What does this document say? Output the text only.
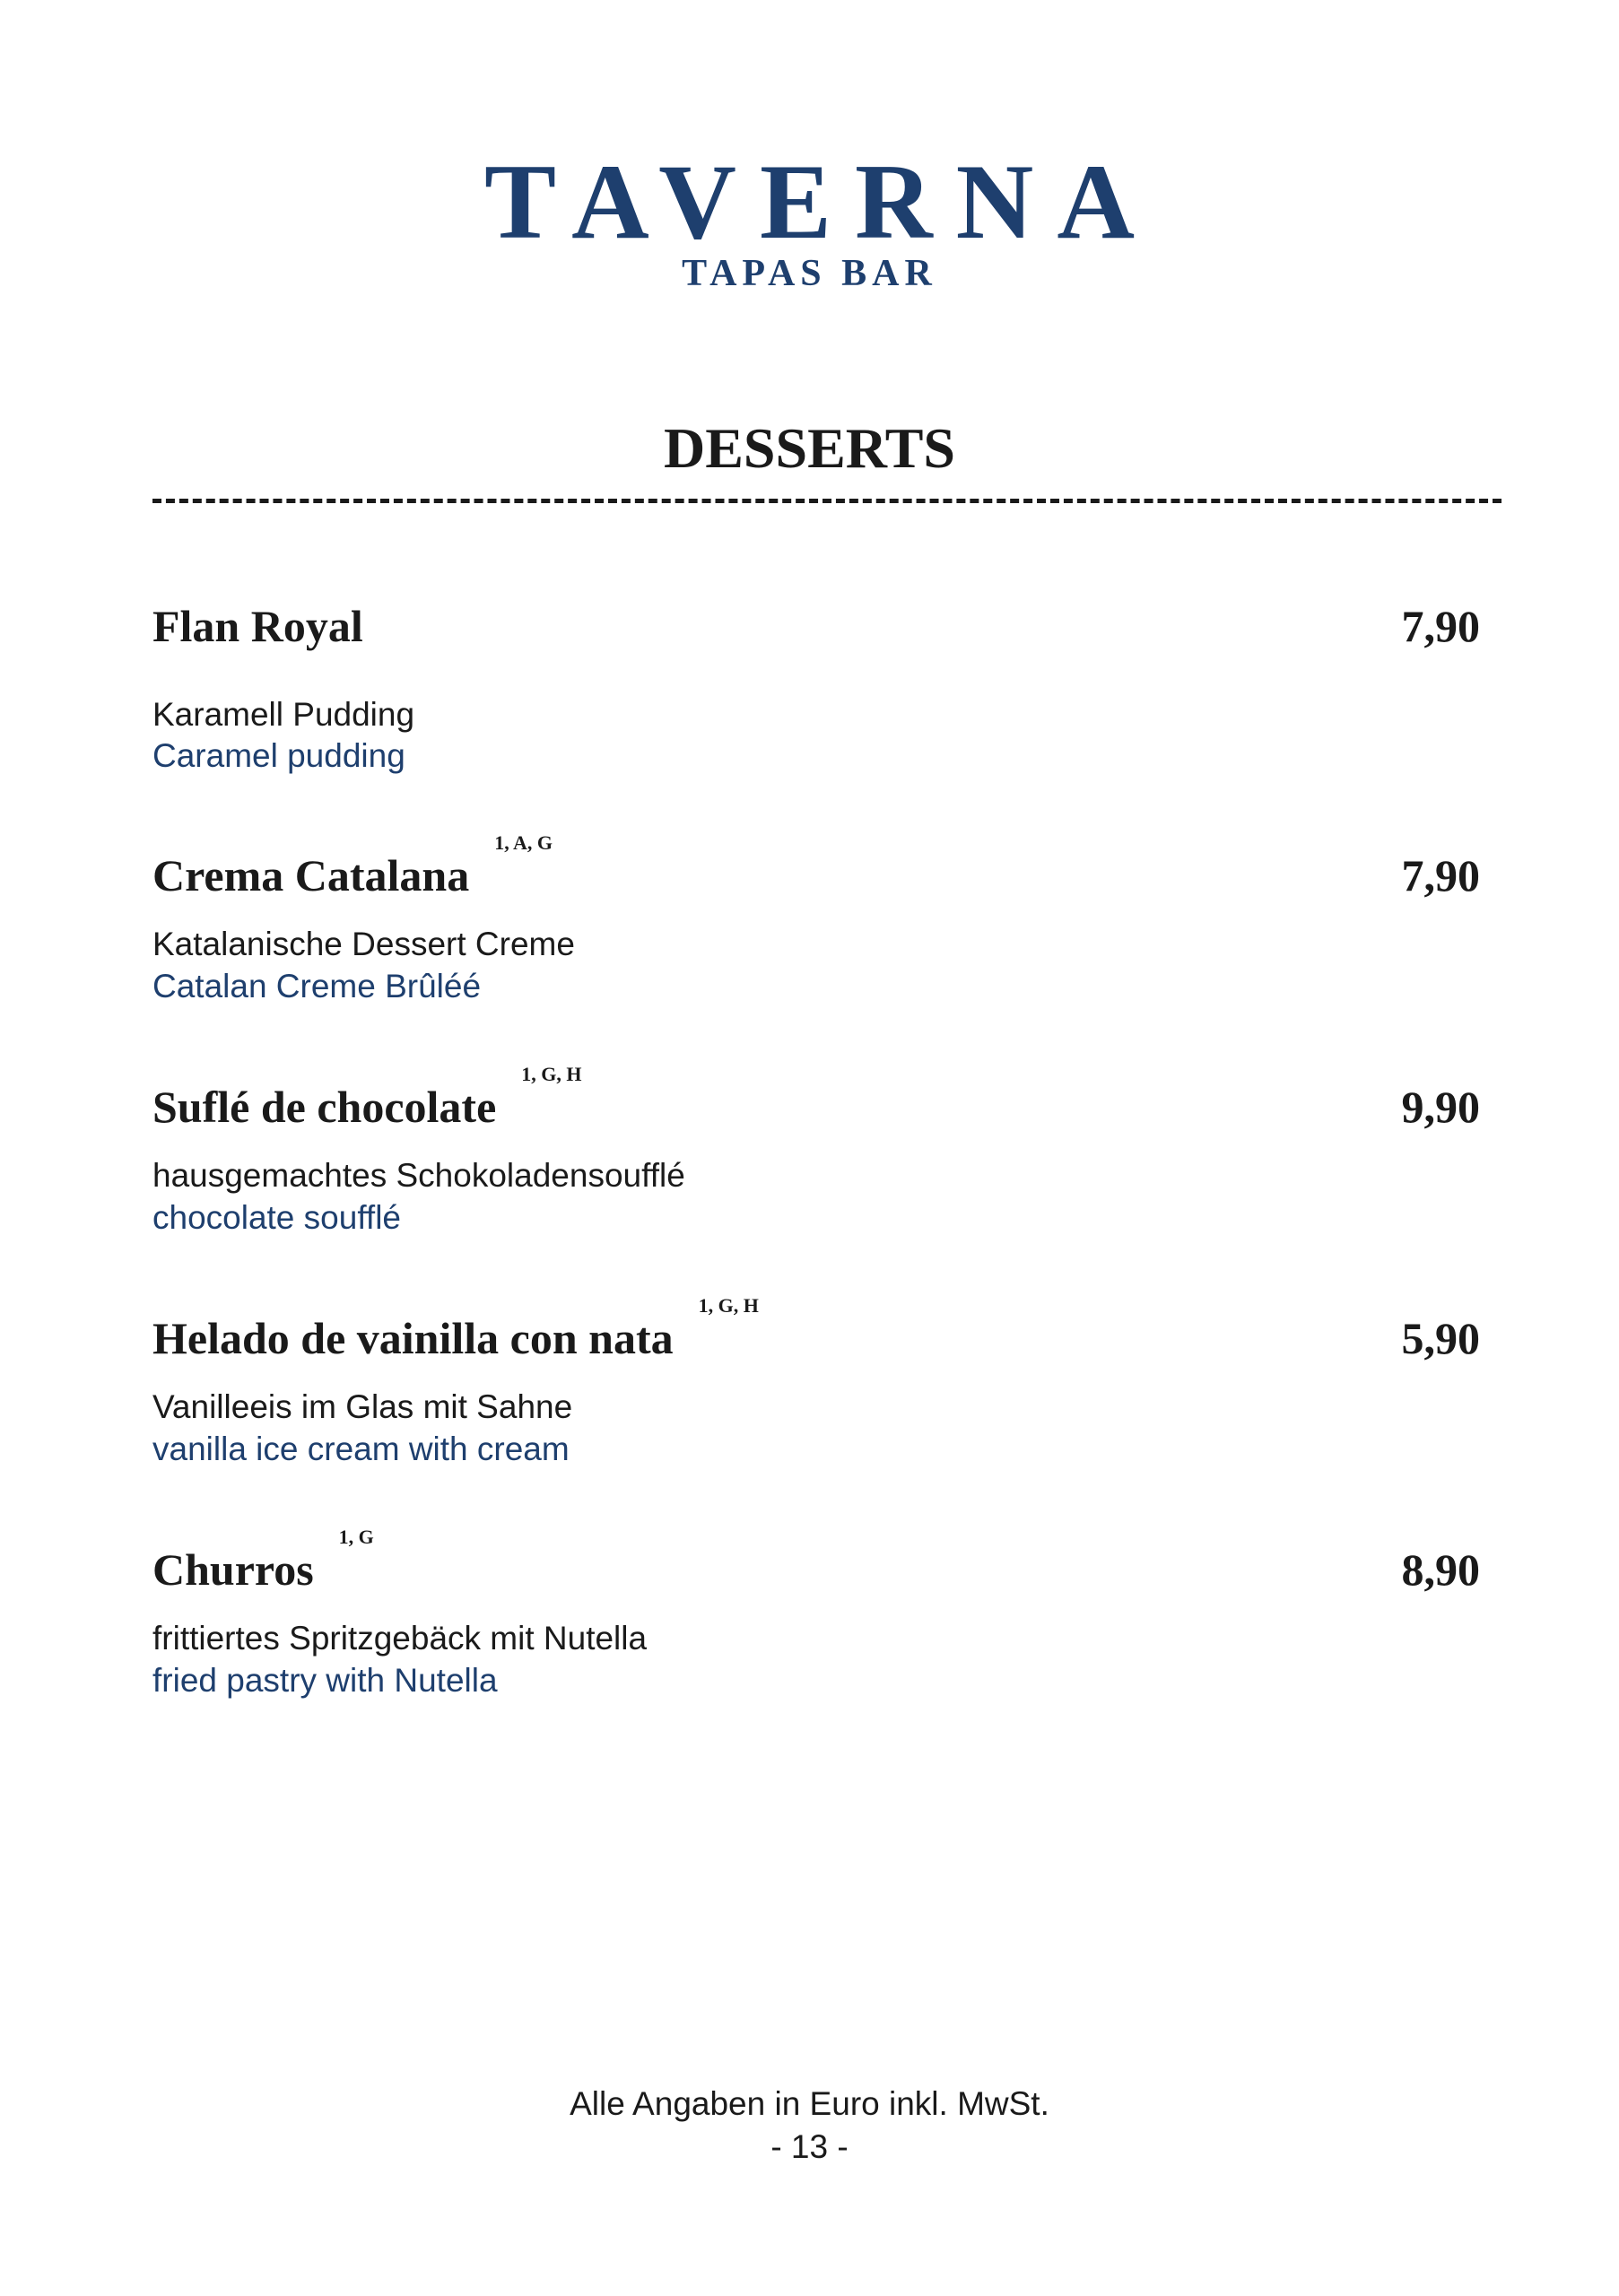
TAVERNA
TAPAS BAR
DESSERTS
Flan Royal	7,90
Karamell Pudding
Caramel pudding
Crema Catalana$^{1, A, G}$
7,90
Katalanische Dessert Creme
Catalan Creme Brûléé
Suflé de chocolate$^{1, G, H}$
9,90
hausgemachtes Schokoladensoufflé
chocolate soufflé
Helado de vainilla con nata$^{1, G, H}$
5,90
Vanilleeis im Glas mit Sahne
vanilla ice cream with cream
Churros$^{1, G}$
8,90
frittiertes Spritzgebäck mit Nutella
fried pastry with Nutella
Alle Angaben in Euro inkl. MwSt.
- 13 -
